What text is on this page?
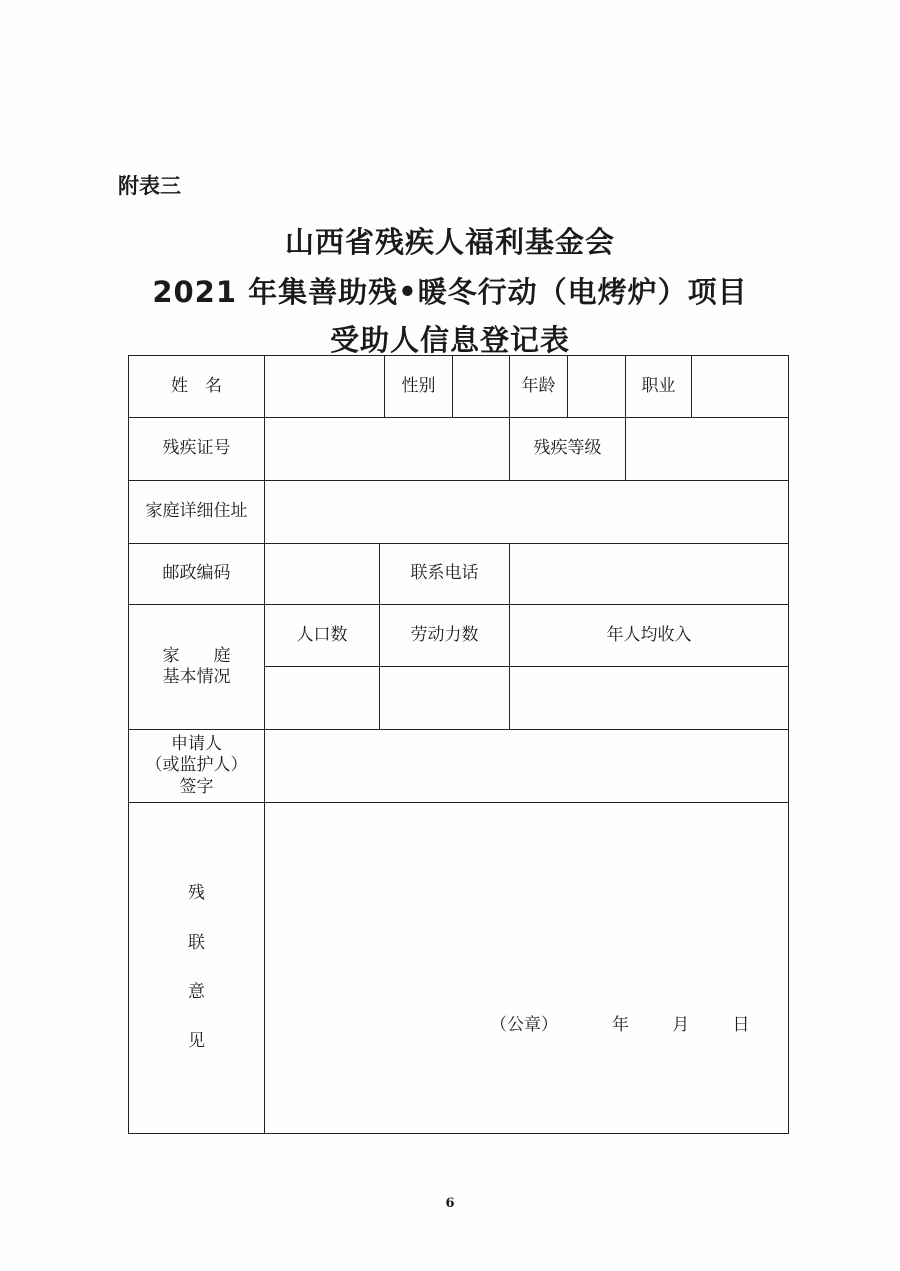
附表三
山西省残疾人福利基金会
2021 年集善助残•暖冬行动（电烤炉）项目
受助人信息登记表
姓　名			性别		年龄		职业	
残疾证号					残疾等级			
家庭详细住址								
邮政编码		联系电话						

家　　庭
基本情况	人口数	劳动力数			年人均收入			

申请人
（或监护人）
签字								

残
联
意
见								

（公章）	年	月	日
6
